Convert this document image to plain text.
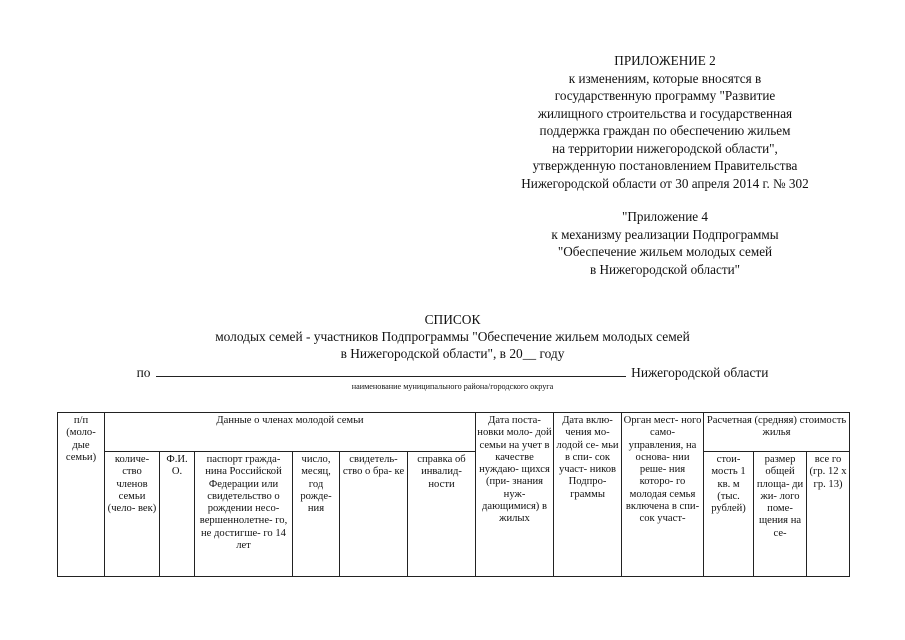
ПРИЛОЖЕНИЕ 2
к изменениям, которые вносятся в
государственную программу "Развитие
жилищного строительства и государственная
поддержка граждан по обеспечению жильем
на территории нижегородской области",
утвержденную постановлением Правительства
Нижегородской области от 30 апреля 2014 г. № 302
"Приложение 4
к механизму реализации Подпрограммы
"Обеспечение жильем молодых семей
в Нижегородской области"
СПИСОК
молодых семей - участников Подпрограммы "Обеспечение жильем молодых семей
в Нижегородской области", в 20__ году
по	Нижегородской области
наименование муниципального района/городского округа
п/п (моло- дые семьи)	Данные о членах молодой семьи						Дата поста- новки моло- дой семьи на учет в качестве нуждаю- щихся (при- знания нуж- дающимися) в жилых	Дата вклю- чения мо- лодой се- мьи в спи- сок участ- ников Подпро- граммы	Орган мест- ного само- управления, на основа- нии реше- ния которо- го молодая семья включена в спи- сок участ-	Расчетная (средняя) стоимость жилья		
	количе- ство членов семьи (чело- век)	Ф.И. О.	паспорт гражда- нина Российской Федерации или свидетельство о рождении несо- вершеннолетне- го, не достигше- го 14 лет	число, месяц, год рожде- ния	свидетель- ство о бра- ке	справка об инвалид- ности				стои- мость 1 кв. м (тыс. рублей)	размер общей площа- ди жи- лого поме- щения на се-	все го (гр. 12 х гр. 13)
